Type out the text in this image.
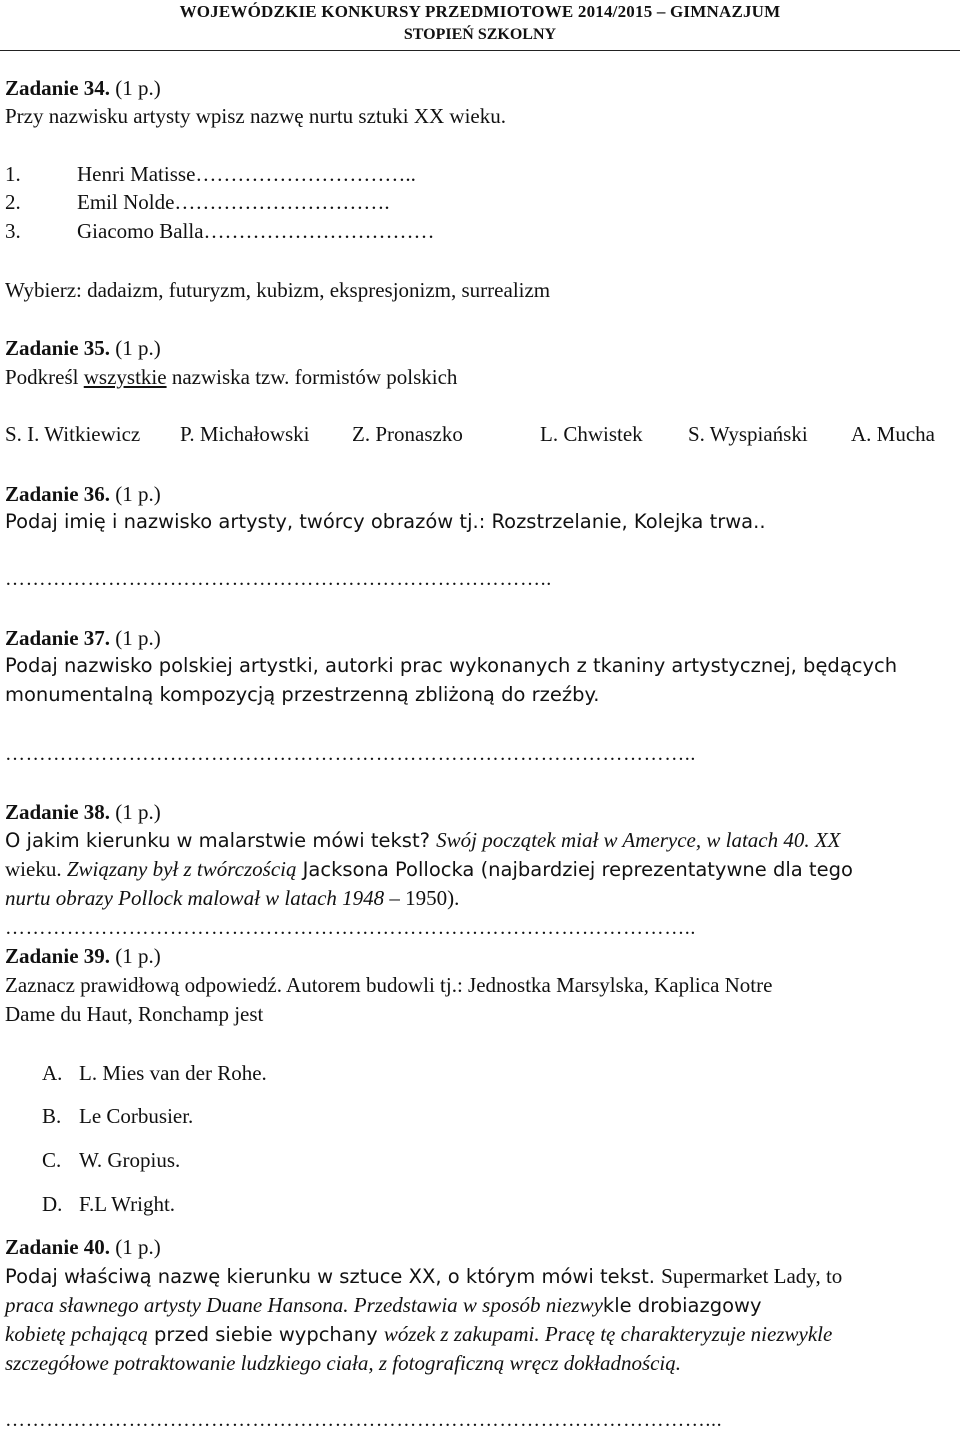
WOJEWÓDZKIE KONKURSY PRZEDMIOTOWE 2014/2015 – GIMNAZJUM
STOPIEŃ SZKOLNY
Zadanie 34. (1 p.)
Przy nazwisku artysty wpisz nazwę nurtu sztuki XX wieku.
1.	Henri Matisse…………………………..
2.	Emil Nolde………………………….
3.	Giacomo Balla……………………………
Wybierz: dadaizm, futuryzm, kubizm, ekspresjonizm, surrealizm
Zadanie 35. (1 p.)
Podkreśl wszystkie nazwiska tzw. formistów polskich
S. I. Witkiewicz P. Michałowski Z. Pronaszko	L. Chwistek S. Wyspiański A. Mucha
Zadanie 36. (1 p.)
Podaj imię i nazwisko artysty, twórcy obrazów tj.: Rozstrzelanie, Kolejka trwa..
……………………………………………………………………..
Zadanie 37. (1 p.)
Podaj nazwisko polskiej artystki, autorki prac wykonanych z tkaniny artystycznej, będących
monumentalną kompozycją przestrzenną zbliżoną do rzeźby.
………………………………………………………………………………………..
Zadanie 38. (1 p.)
O jakim kierunku w malarstwie mówi tekst? Swój początek miał w Ameryce, w latach 40. XX
wieku. Związany był z twórczością Jacksona Pollocka (najbardziej reprezentatywne dla tego
nurtu obrazy Pollock malował w latach 1948 – 1950).
………………………………………………………………………………………..
Zadanie 39. (1 p.)
Zaznacz prawidłową odpowiedź. Autorem budowli tj.: Jednostka Marsylska, Kaplica Notre
Dame du Haut, Ronchamp jest
A. L. Mies van der Rohe.
B. Le Corbusier.
C. W. Gropius.
D. F.L Wright.
Zadanie 40. (1 p.)
Podaj właściwą nazwę kierunku w sztuce XX, o którym mówi tekst. Supermarket Lady, to
praca sławnego artysty Duane Hansona. Przedstawia w sposób niezwykle drobiazgowy
kobietę pchającą przed siebie wypchany wózek z zakupami. Pracę tę charakteryzuje niezwykle
szczegółowe potraktowanie ludzkiego ciała, z fotograficzną wręcz dokładnością.
…………………………………………………………………………………………...
